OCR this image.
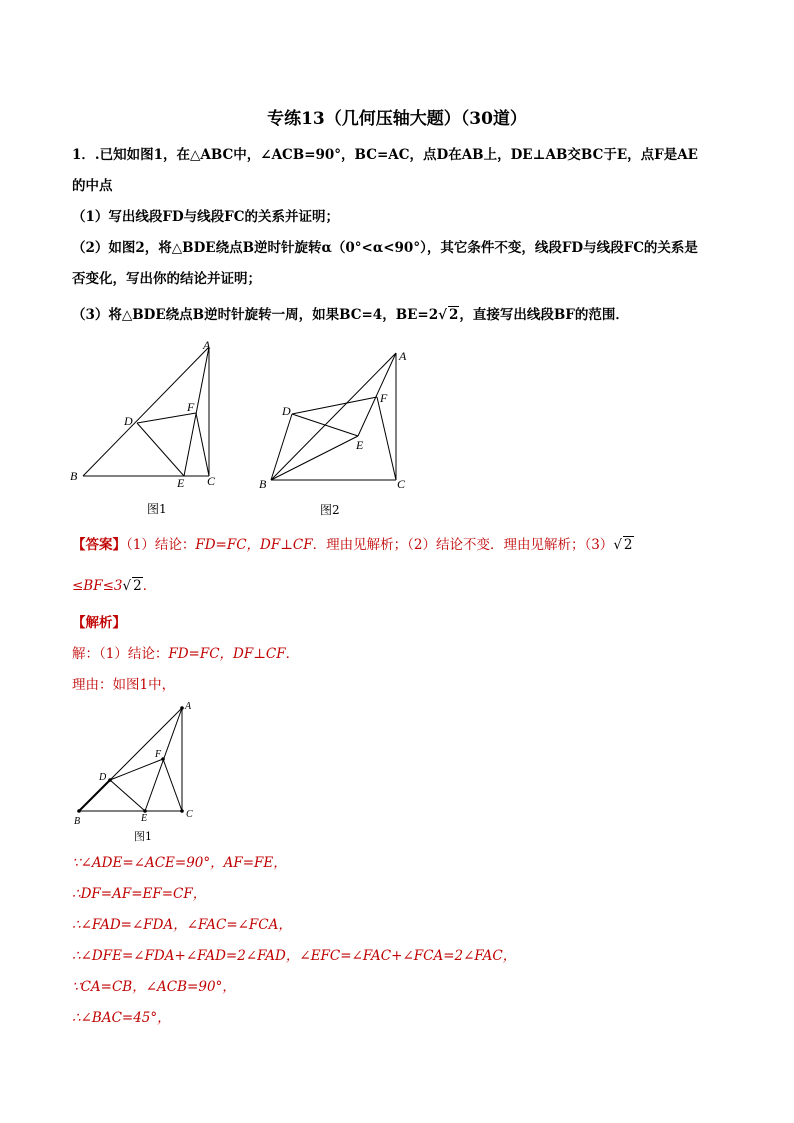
专练13（几何压轴大题）（30道）
1．.已知如图1，在△ABC中，∠ACB=90°，BC=AC，点D在AB上，DE⊥AB交BC于E，点F是AE
的中点
（1）写出线段FD与线段FC的关系并证明；
（2）如图2，将△BDE绕点B逆时针旋转α（0°<α<90°），其它条件不变，线段FD与线段FC的关系是
否变化，写出你的结论并证明；
（3）将△BDE绕点B逆时针旋转一周，如果BC=4，BE=2√ 2，直接写出线段BF的范围．
A
B	C
D
E
F
图1
A
B	C
D
E
F
图2
【答案】（1）结论：FD=FC，DF⊥CF．理由见解析；（2）结论不变．理由见解析；（3）√ 2
≤BF≤3√ 2．
【解析】
解：（1）结论：FD=FC，DF⊥CF．
理由：如图1中，
A
B
C
D
E
F
图1
∵∠ADE=∠ACE=90°，AF=FE，
∴DF=AF=EF=CF，
∴∠FAD=∠FDA，∠FAC=∠FCA，
∴∠DFE=∠FDA+∠FAD=2∠FAD，∠EFC=∠FAC+∠FCA=2∠FAC，
∵CA=CB，∠ACB=90°，
∴∠BAC=45°，
